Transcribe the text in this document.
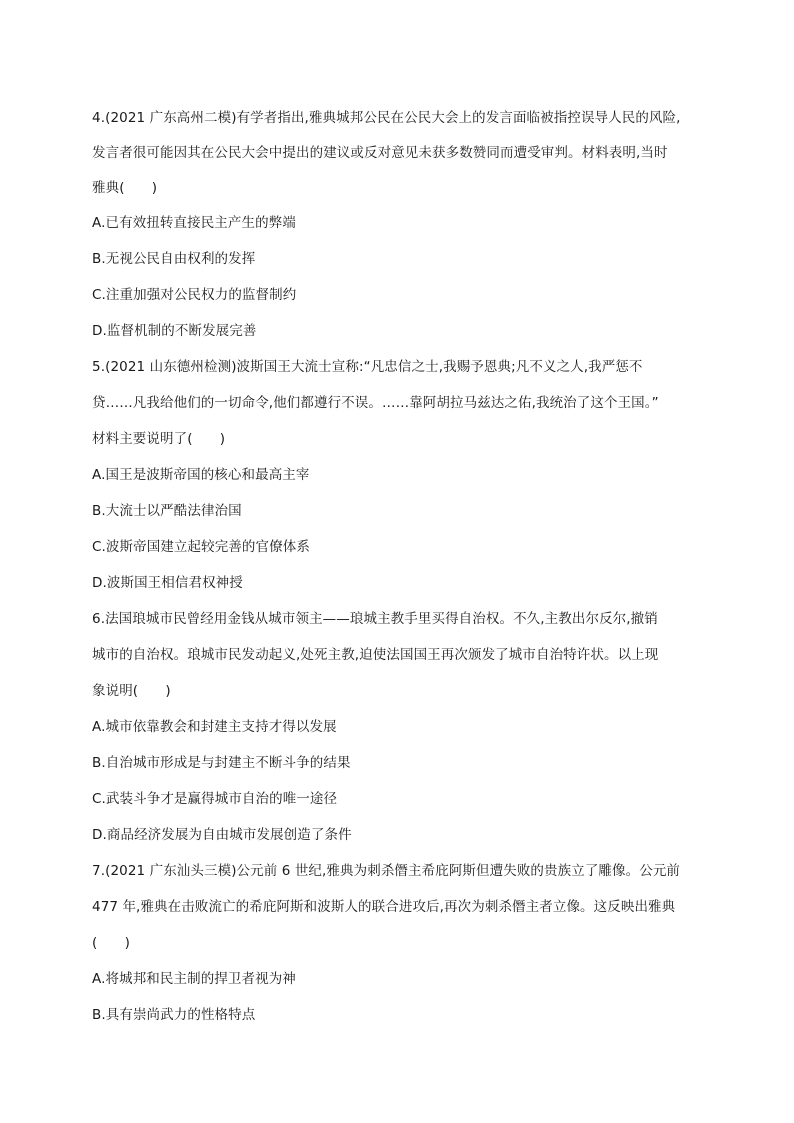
4.(2021 广东高州二模)有学者指出,雅典城邦公民在公民大会上的发言面临被指控误导人民的风险,
发言者很可能因其在公民大会中提出的建议或反对意见未获多数赞同而遭受审判。材料表明,当时
雅典(　　)
A.已有效扭转直接民主产生的弊端
B.无视公民自由权利的发挥
C.注重加强对公民权力的监督制约
D.监督机制的不断发展完善
5.(2021 山东德州检测)波斯国王大流士宣称:“凡忠信之士,我赐予恩典;凡不义之人,我严惩不
贷……凡我给他们的一切命令,他们都遵行不误。……靠阿胡拉马兹达之佑,我统治了这个王国。”
材料主要说明了(　　)
A.国王是波斯帝国的核心和最高主宰
B.大流士以严酷法律治国
C.波斯帝国建立起较完善的官僚体系
D.波斯国王相信君权神授
6.法国琅城市民曾经用金钱从城市领主——琅城主教手里买得自治权。不久,主教出尔反尔,撤销
城市的自治权。琅城市民发动起义,处死主教,迫使法国国王再次颁发了城市自治特许状。以上现
象说明(　　)
A.城市依靠教会和封建主支持才得以发展
B.自治城市形成是与封建主不断斗争的结果
C.武装斗争才是赢得城市自治的唯一途径
D.商品经济发展为自由城市发展创造了条件
7.(2021 广东汕头三模)公元前 6 世纪,雅典为刺杀僭主希庇阿斯但遭失败的贵族立了雕像。公元前
477 年,雅典在击败流亡的希庇阿斯和波斯人的联合进攻后,再次为刺杀僭主者立像。这反映出雅典
(　　)
A.将城邦和民主制的捍卫者视为神
B.具有崇尚武力的性格特点
